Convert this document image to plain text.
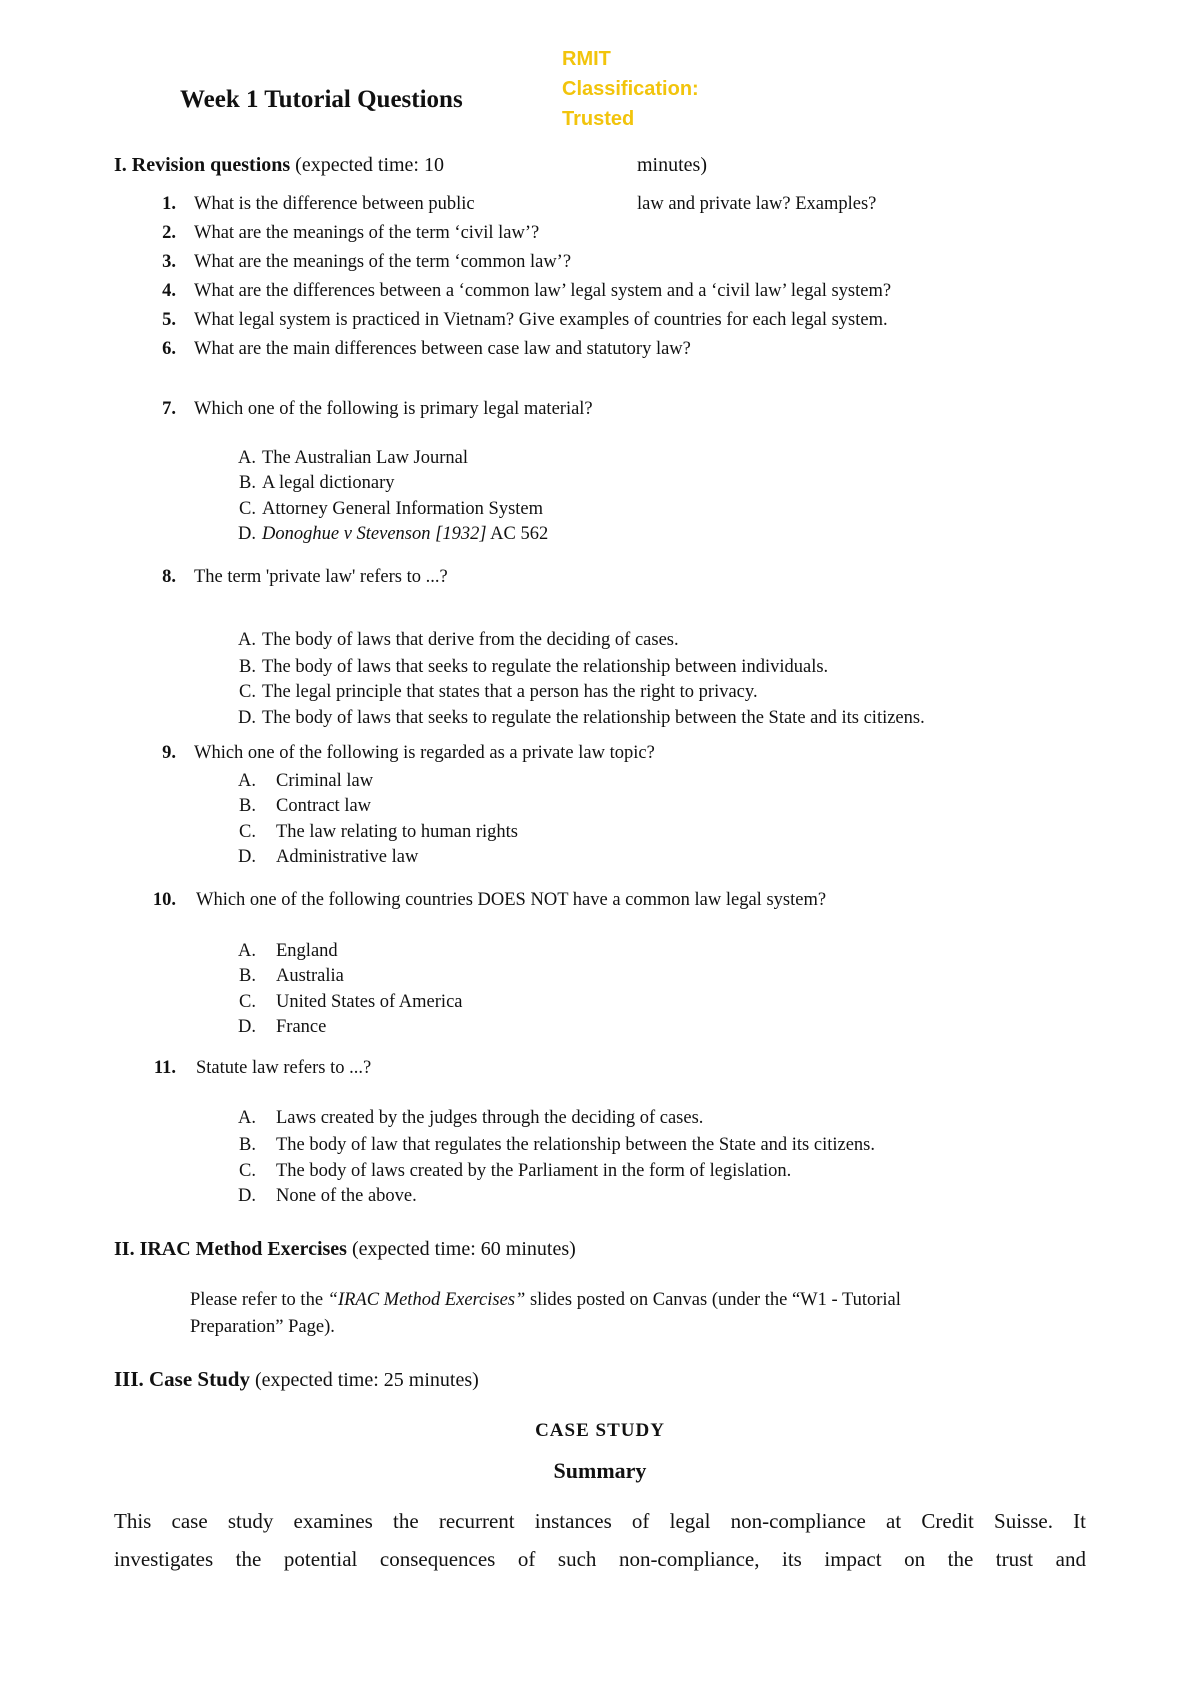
Week 1 Tutorial Questions
RMIT Classification: Trusted
I. Revision questions (expected time: 10	minutes)
1. What is the difference between public	law and private law? Examples?
2. What are the meanings of the term ‘civil law’?
3. What are the meanings of the term ‘common law’?
4. What are the differences between a ‘common law’ legal system and a ‘civil law’ legal system?
5. What legal system is practiced in Vietnam? Give examples of countries for each legal system.
6. What are the main differences between case law and statutory law?
7. Which one of the following is primary legal material?
A. The Australian Law Journal
B. A legal dictionary
C. Attorney General Information System
D. Donoghue v Stevenson [1932] AC 562
8. The term 'private law' refers to ...?
A. The body of laws that derive from the deciding of cases.
B. The body of laws that seeks to regulate the relationship between individuals.
C. The legal principle that states that a person has the right to privacy.
D. The body of laws that seeks to regulate the relationship between the State and its citizens.
9. Which one of the following is regarded as a private law topic?
A. Criminal law
B. Contract law
C. The law relating to human rights
D. Administrative law
10. Which one of the following countries DOES NOT have a common law legal system?
A. England
B. Australia
C. United States of America
D. France
11. Statute law refers to ...?
A. Laws created by the judges through the deciding of cases.
B. The body of law that regulates the relationship between the State and its citizens.
C. The body of laws created by the Parliament in the form of legislation.
D. None of the above.
II. IRAC Method Exercises (expected time: 60 minutes)
Please refer to the “IRAC Method Exercises” slides posted on Canvas (under the “W1 - Tutorial
Preparation” Page).
III. Case Study (expected time: 25 minutes)
CASE STUDY
Summary
This case study examines the recurrent instances of legal non-compliance at Credit Suisse. It
investigates the potential consequences of such non-compliance, its impact on the trust and
